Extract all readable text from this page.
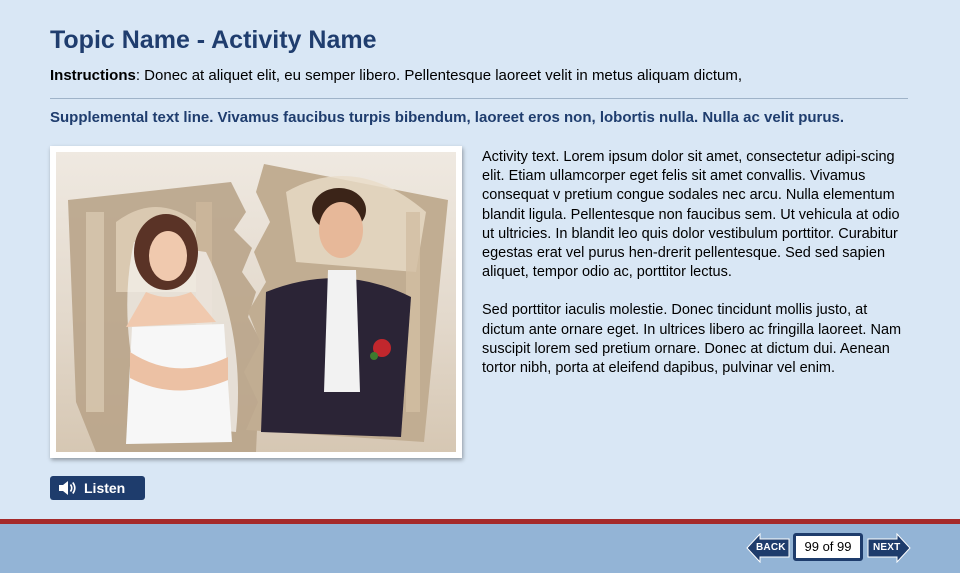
Topic Name - Activity Name
Instructions: Donec at aliquet elit, eu semper libero. Pellentesque laoreet velit in metus aliquam dictum,
Supplemental text line. Vivamus faucibus turpis bibendum, laoreet eros non, lobortis nulla. Nulla ac velit purus.

Activity text. Lorem ipsum dolor sit amet, consectetur adipi-scing elit. Etiam ullamcorper eget felis sit amet convallis. Vivamus consequat v pretium congue sodales nec arcu. Nulla elementum blandit ligula. Pellentesque non faucibus sem. Ut vehicula at odio ut ultricies. In blandit leo quis dolor vestibulum porttitor. Curabitur egestas erat vel purus hen-drerit pellentesque. Sed sed sapien aliquet, tempor odio ac, porttitor lectus.

Sed porttitor iaculis molestie. Donec tincidunt mollis justo, at dictum ante ornare eget. In ultrices libero ac fringilla laoreet. Nam suscipit lorem sed pretium ornare. Donec at dictum dui. Aenean tortor nibh, porta at eleifend dapibus, pulvinar vel enim.

Listen
BACK	99 of 99	NEXT
